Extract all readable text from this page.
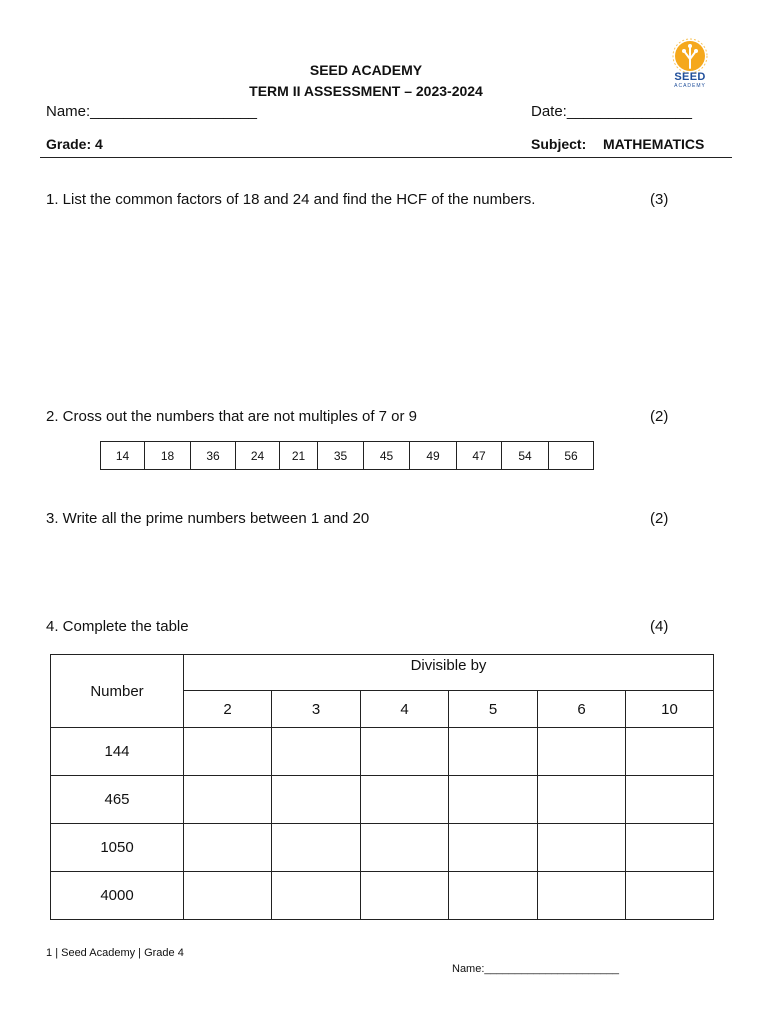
SEED
ACADEMY
SEED ACADEMY
TERM II ASSESSMENT – 2023-2024
Name:____________________	Date:_______________
Grade: 4	Subject: MATHEMATICS
1. List the common factors of 18 and 24 and find the HCF of the numbers.	(3)
2. Cross out the numbers that are not multiples of 7 or 9	(2)
14	18	36	24	21	35	45	49	47	54	56
3. Write all the prime numbers between 1 and 20	(2)
4. Complete the table	(4)
Number	Divisible by					
	2	3	4	5	6	10
144						
465						
1050						
4000						
1 | Seed Academy | Grade 4
Name:______________________
